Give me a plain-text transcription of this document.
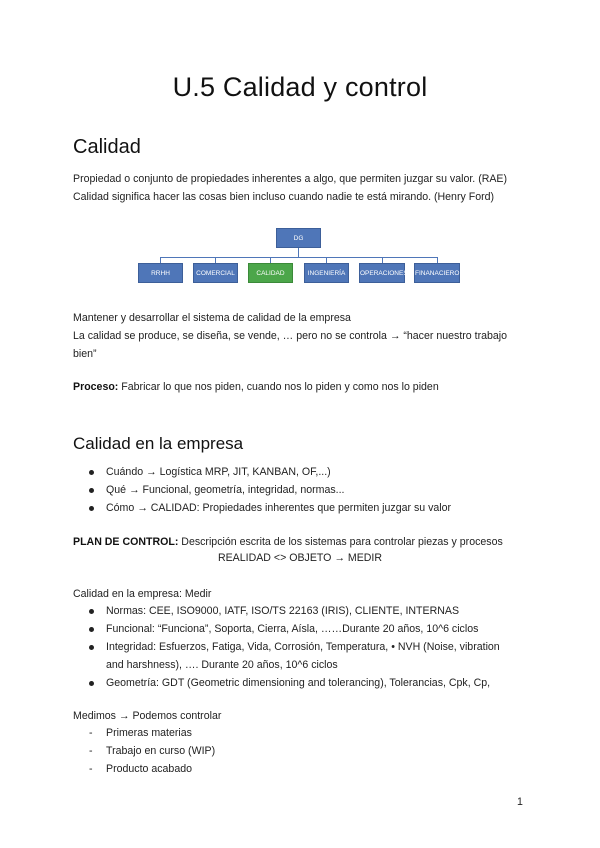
U.5 Calidad y control
Calidad
Propiedad o conjunto de propiedades inherentes a algo, que permiten juzgar su valor. (RAE)
Calidad significa hacer las cosas bien incluso cuando nadie te está mirando. (Henry Ford)
DG
RRHH	COMERCIAL	CALIDAD	INGENIERÍA	OPERACIONES FINANACIERO
Mantener y desarrollar el sistema de calidad de la empresa
La calidad se produce, se diseña, se vende, … pero no se controla → “hacer nuestro trabajo
bien”
Proceso: Fabricar lo que nos piden, cuando nos lo piden y como nos lo piden
Calidad en la empresa
Cuándo → Logística MRP, JIT, KANBAN, OF,...)
Qué → Funcional, geometría, integridad, normas...
Cómo → CALIDAD: Propiedades inherentes que permiten juzgar su valor
PLAN DE CONTROL: Descripción escrita de los sistemas para controlar piezas y procesos
REALIDAD <> OBJETO → MEDIR
Calidad en la empresa: Medir
Normas: CEE, ISO9000, IATF, ISO/TS 22163 (IRIS), CLIENTE, INTERNAS
Funcional: “Funciona”, Soporta, Cierra, Aísla, ……Durante 20 años, 10^6 ciclos
Integridad: Esfuerzos, Fatiga, Vida, Corrosión, Temperatura, • NVH (Noise, vibration
and harshness), …. Durante 20 años, 10^6 ciclos
Geometría: GDT (Geometric dimensioning and tolerancing), Tolerancias, Cpk, Cp,
Medimos → Podemos controlar
- Primeras materias
- Trabajo en curso (WIP)
- Producto acabado
1
